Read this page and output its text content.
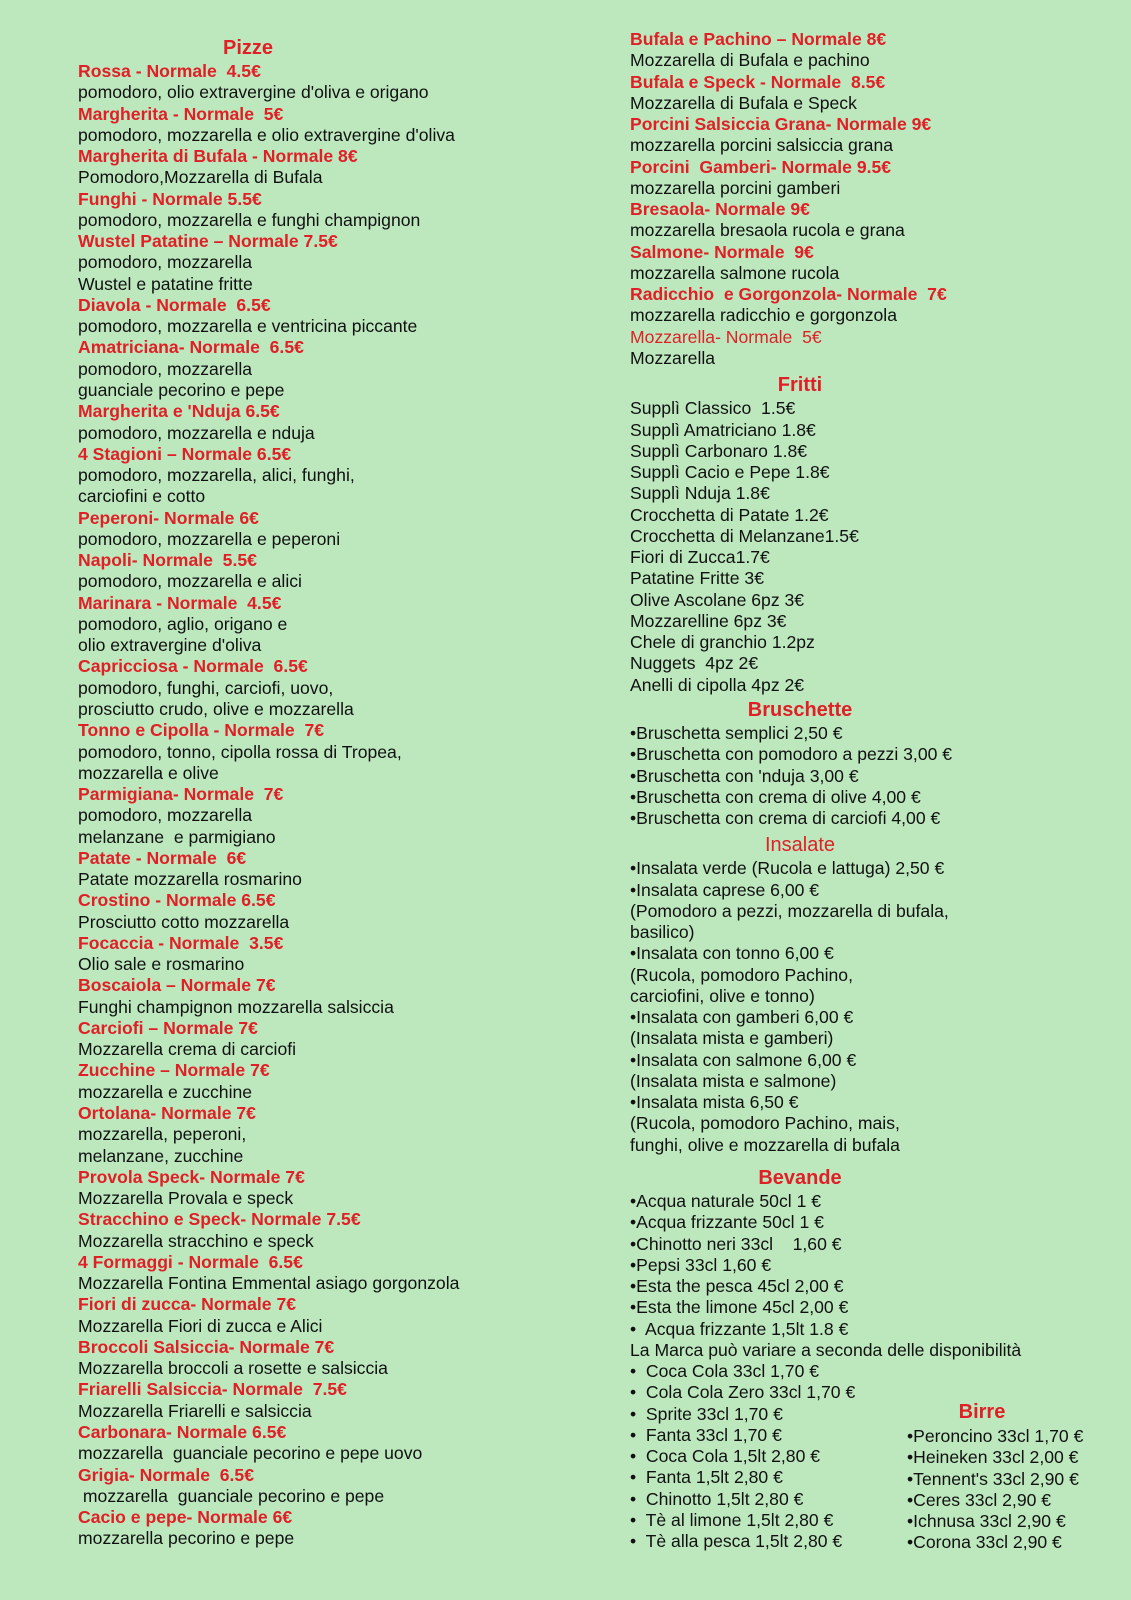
Pizze
Rossa - Normale  4.5€
pomodoro, olio extravergine d'oliva e origano
Margherita - Normale  5€
pomodoro, mozzarella e olio extravergine d'oliva
Margherita di Bufala - Normale 8€
Pomodoro,Mozzarella di Bufala
Funghi - Normale 5.5€
pomodoro, mozzarella e funghi champignon
Wustel Patatine – Normale 7.5€
pomodoro, mozzarella
Wustel e patatine fritte
Diavola - Normale  6.5€
pomodoro, mozzarella e ventricina piccante
Amatriciana- Normale  6.5€
pomodoro, mozzarella
guanciale pecorino e pepe
Margherita e 'Nduja 6.5€
pomodoro, mozzarella e nduja
4 Stagioni – Normale 6.5€
pomodoro, mozzarella, alici, funghi,
carciofini e cotto
Peperoni- Normale 6€
pomodoro, mozzarella e peperoni
Napoli- Normale  5.5€
pomodoro, mozzarella e alici
Marinara - Normale  4.5€
pomodoro, aglio, origano e
olio extravergine d'oliva
Capricciosa - Normale  6.5€
pomodoro, funghi, carciofi, uovo,
prosciutto crudo, olive e mozzarella
Tonno e Cipolla - Normale  7€
pomodoro, tonno, cipolla rossa di Tropea,
mozzarella e olive
Parmigiana- Normale  7€
pomodoro, mozzarella
melanzane  e parmigiano
Patate - Normale  6€
Patate mozzarella rosmarino
Crostino - Normale 6.5€
Prosciutto cotto mozzarella
Focaccia - Normale  3.5€
Olio sale e rosmarino
Boscaiola – Normale 7€
Funghi champignon mozzarella salsiccia
Carciofi – Normale 7€
Mozzarella crema di carciofi
Zucchine – Normale 7€
mozzarella e zucchine
Ortolana- Normale 7€
mozzarella, peperoni,
melanzane, zucchine
Provola Speck- Normale 7€
Mozzarella Provala e speck
Stracchino e Speck- Normale 7.5€
Mozzarella stracchino e speck
4 Formaggi - Normale  6.5€
Mozzarella Fontina Emmental asiago gorgonzola
Fiori di zucca- Normale 7€
Mozzarella Fiori di zucca e Alici
Broccoli Salsiccia- Normale 7€
Mozzarella broccoli a rosette e salsiccia
Friarelli Salsiccia- Normale  7.5€
Mozzarella Friarelli e salsiccia
Carbonara- Normale 6.5€
mozzarella  guanciale pecorino e pepe uovo
Grigia- Normale  6.5€
mozzarella  guanciale pecorino e pepe
Cacio e pepe- Normale 6€
mozzarella pecorino e pepe
Bufala e Pachino – Normale 8€
Mozzarella di Bufala e pachino
Bufala e Speck - Normale  8.5€
Mozzarella di Bufala e Speck
Porcini Salsiccia Grana- Normale 9€
mozzarella porcini salsiccia grana
Porcini  Gamberi- Normale 9.5€
mozzarella porcini gamberi
Bresaola- Normale 9€
mozzarella bresaola rucola e grana
Salmone- Normale  9€
mozzarella salmone rucola
Radicchio  e Gorgonzola- Normale  7€
mozzarella radicchio e gorgonzola
Mozzarella- Normale  5€
Mozzarella
Fritti
Supplì Classico  1.5€
Supplì Amatriciano 1.8€
Supplì Carbonaro 1.8€
Supplì Cacio e Pepe 1.8€
Supplì Nduja 1.8€
Crocchetta di Patate 1.2€
Crocchetta di Melanzane1.5€
Fiori di Zucca1.7€
Patatine Fritte 3€
Olive Ascolane 6pz 3€
Mozzarelline 6pz 3€
Chele di granchio 1.2pz
Nuggets  4pz 2€
Anelli di cipolla 4pz 2€
Bruschette
•Bruschetta semplici 2,50 €
•Bruschetta con pomodoro a pezzi 3,00 €
•Bruschetta con 'nduja 3,00 €
•Bruschetta con crema di olive 4,00 €
•Bruschetta con crema di carciofi 4,00 €
Insalate
•Insalata verde (Rucola e lattuga) 2,50 €
•Insalata caprese 6,00 €
(Pomodoro a pezzi, mozzarella di bufala,
basilico)
•Insalata con tonno 6,00 €
(Rucola, pomodoro Pachino,
carciofini, olive e tonno)
•Insalata con gamberi 6,00 €
(Insalata mista e gamberi)
•Insalata con salmone 6,00 €
(Insalata mista e salmone)
•Insalata mista 6,50 €
(Rucola, pomodoro Pachino, mais,
funghi, olive e mozzarella di bufala
Bevande
•Acqua naturale 50cl 1 €
•Acqua frizzante 50cl 1 €
•Chinotto neri 33cl    1,60 €
•Pepsi 33cl 1,60 €
•Esta the pesca 45cl 2,00 €
•Esta the limone 45cl 2,00 €
•  Acqua frizzante 1,5lt 1.8 €
La Marca può variare a seconda delle disponibilità
•  Coca Cola 33cl 1,70 €
•  Cola Cola Zero 33cl 1,70 €
•  Sprite 33cl 1,70 €
•  Fanta 33cl 1,70 €
•  Coca Cola 1,5lt 2,80 €
•  Fanta 1,5lt 2,80 €
•  Chinotto 1,5lt 2,80 €
•  Tè al limone 1,5lt 2,80 €
•  Tè alla pesca 1,5lt 2,80 €
Birre
•Peroncino 33cl 1,70 €
•Heineken 33cl 2,00 €
•Tennent's 33cl 2,90 €
•Ceres 33cl 2,90 €
•Ichnusa 33cl 2,90 €
•Corona 33cl 2,90 €
